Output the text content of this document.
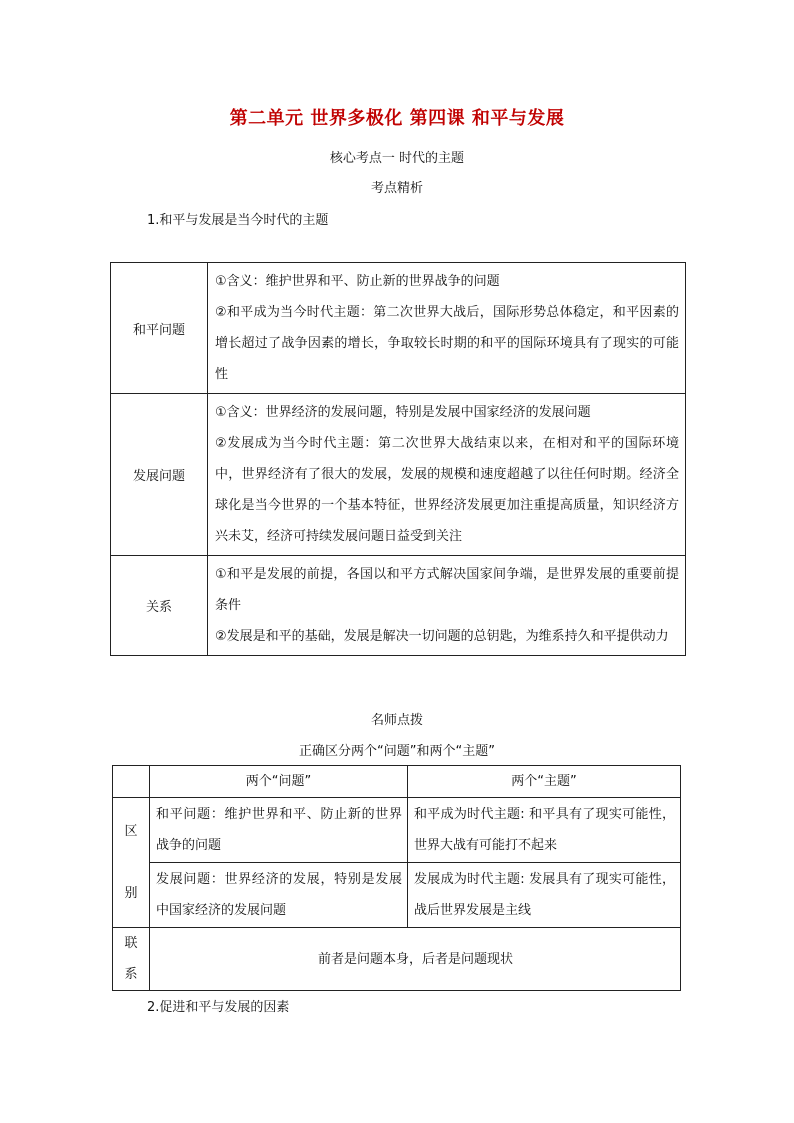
第二单元 世界多极化 第四课 和平与发展
核心考点一 时代的主题
考点精析
1.和平与发展是当今时代的主题
和平问题	①含义：维护世界和平、防止新的世界战争的问题
②和平成为当今时代主题：第二次世界大战后，国际形势总体稳定，和平因素的增长超过了战争因素的增长，争取较长时期的和平的国际环境具有了现实的可能性

发展问题	①含义：世界经济的发展问题，特别是发展中国家经济的发展问题
②发展成为当今时代主题：第二次世界大战结束以来，在相对和平的国际环境中，世界经济有了很大的发展，发展的规模和速度超越了以往任何时期。经济全球化是当今世界的一个基本特征，世界经济发展更加注重提高质量，知识经济方兴未艾，经济可持续发展问题日益受到关注

关系	①和平是发展的前提，各国以和平方式解决国家间争端，是世界发展的重要前提条件
②发展是和平的基础，发展是解决一切问题的总钥匙，为维系持久和平提供动力
名师点拨
正确区分两个“问题”和两个“主题”
	两个“问题”	两个“主题”

区
别	和平问题：维护世界和平、防止新的世界战争的问题	和平成为时代主题: 和平具有了现实可能性，世界大战有可能打不起来
	发展问题：世界经济的发展，特别是发展中国家经济的发展问题	发展成为时代主题: 发展具有了现实可能性，战后世界发展是主线

联
系	前者是问题本身，后者是问题现状	
2.促进和平与发展的因素
